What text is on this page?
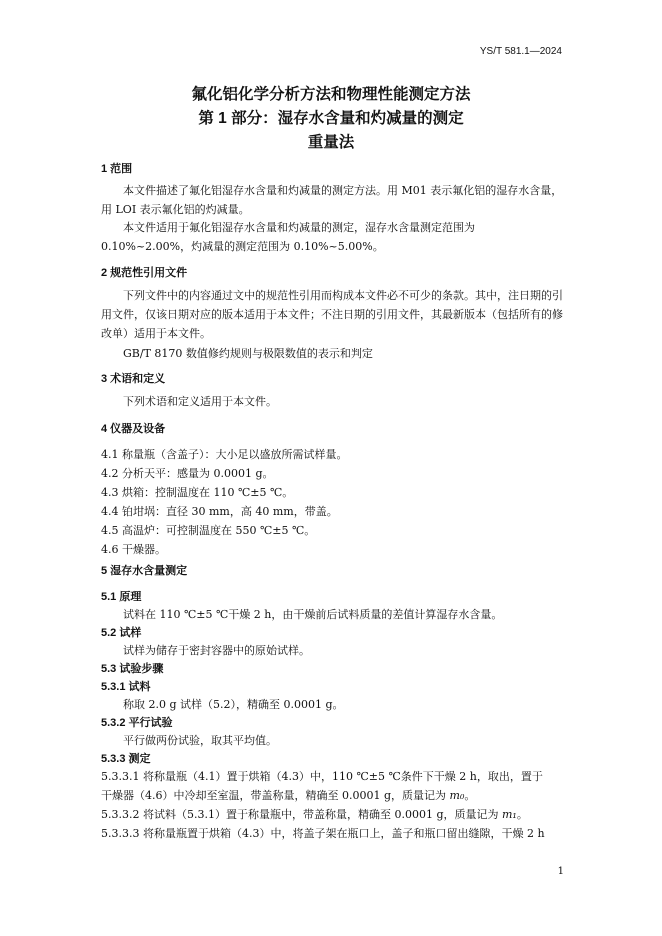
YS/T 581.1—2024
氟化铝化学分析方法和物理性能测定方法
第 1 部分：湿存水含量和灼减量的测定
重量法
1 范围
本文件描述了氟化铝湿存水含量和灼减量的测定方法。用 M01 表示氟化铝的湿存水含量，用 LOI 表示氟化铝的灼减量。
本文件适用于氟化铝湿存水含量和灼减量的测定，湿存水含量测定范围为 0.10%~2.00%，灼减量的测定范围为 0.10%~5.00%。
2 规范性引用文件
下列文件中的内容通过文中的规范性引用而构成本文件必不可少的条款。其中，注日期的引用文件，仅该日期对应的版本适用于本文件；不注日期的引用文件，其最新版本（包括所有的修改单）适用于本文件。
GB/T 8170 数值修约规则与极限数值的表示和判定
3 术语和定义
下列术语和定义适用于本文件。
4 仪器及设备
4.1 称量瓶（含盖子）：大小足以盛放所需试样量。
4.2 分析天平：感量为 0.0001 g。
4.3 烘箱：控制温度在 110 ℃±5 ℃。
4.4 铂坩埚：直径 30 mm，高 40 mm，带盖。
4.5 高温炉：可控制温度在 550 ℃±5 ℃。
4.6 干燥器。
5 湿存水含量测定
5.1 原理
试料在 110 ℃±5 ℃干燥 2 h，由干燥前后试料质量的差值计算湿存水含量。
5.2 试样
试样为储存于密封容器中的原始试样。
5.3 试验步骤
5.3.1 试料
称取 2.0 g 试样（5.2），精确至 0.0001 g。
5.3.2 平行试验
平行做两份试验，取其平均值。
5.3.3 测定
5.3.3.1 将称量瓶（4.1）置于烘箱（4.3）中，110 ℃±5 ℃条件下干燥 2 h，取出，置于
干燥器（4.6）中冷却至室温，带盖称量，精确至 0.0001 g，质量记为 m₀。
5.3.3.2 将试料（5.3.1）置于称量瓶中，带盖称量，精确至 0.0001 g，质量记为 m₁。
5.3.3.3 将称量瓶置于烘箱（4.3）中，将盖子架在瓶口上，盖子和瓶口留出缝隙，干燥 2 h
1
